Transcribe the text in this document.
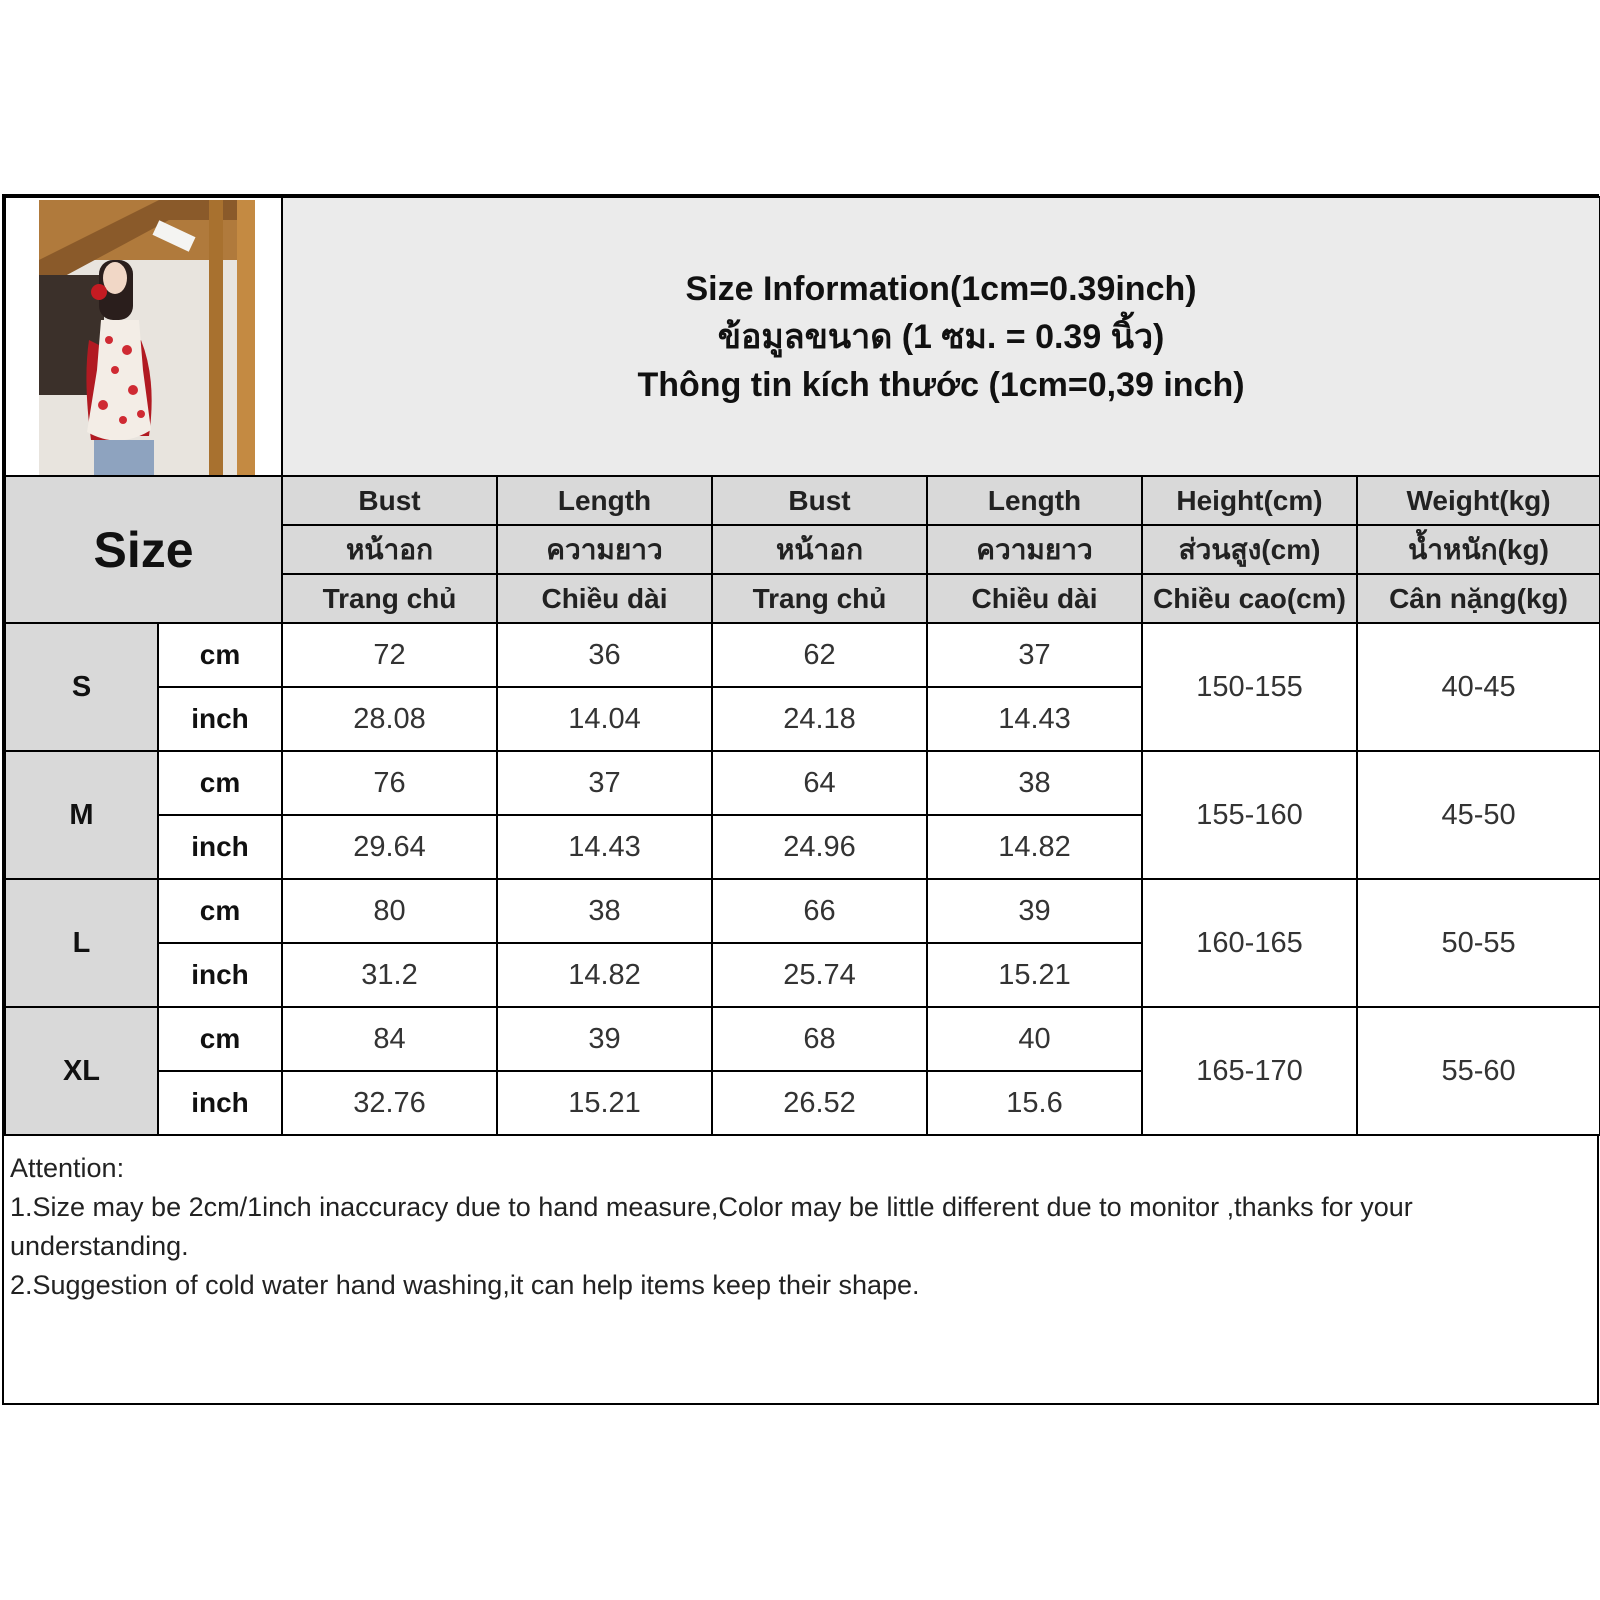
Size Information(1cm=0.39inch)
ข้อมูลขนาด (1 ซม. = 0.39 นิ้ว)
Thông tin kích thước (1cm=0,39 inch)					

Size		Bust	Length	Bust	Length	Height(cm)	Weight(kg)
		หน้าอก	ความยาว	หน้าอก	ความยาว	ส่วนสูง(cm)	น้ำหนัก(kg)
		Trang chủ	Chiều dài	Trang chủ	Chiều dài	Chiều cao(cm)	Cân nặng(kg)
S	cm	72	36	62	37	150-155	40-45
	inch	28.08	14.04	24.18	14.43		
M	cm	76	37	64	38	155-160	45-50
	inch	29.64	14.43	24.96	14.82		
L	cm	80	38	66	39	160-165	50-55
	inch	31.2	14.82	25.74	15.21		
XL	cm	84	39	68	40	165-170	55-60
	inch	32.76	15.21	26.52	15.6		
Attention:
1.Size may be 2cm/1inch inaccuracy due to hand measure,Color may be little different due to monitor ,thanks for your understanding.
2.Suggestion of cold water hand washing,it can help items keep their shape.
